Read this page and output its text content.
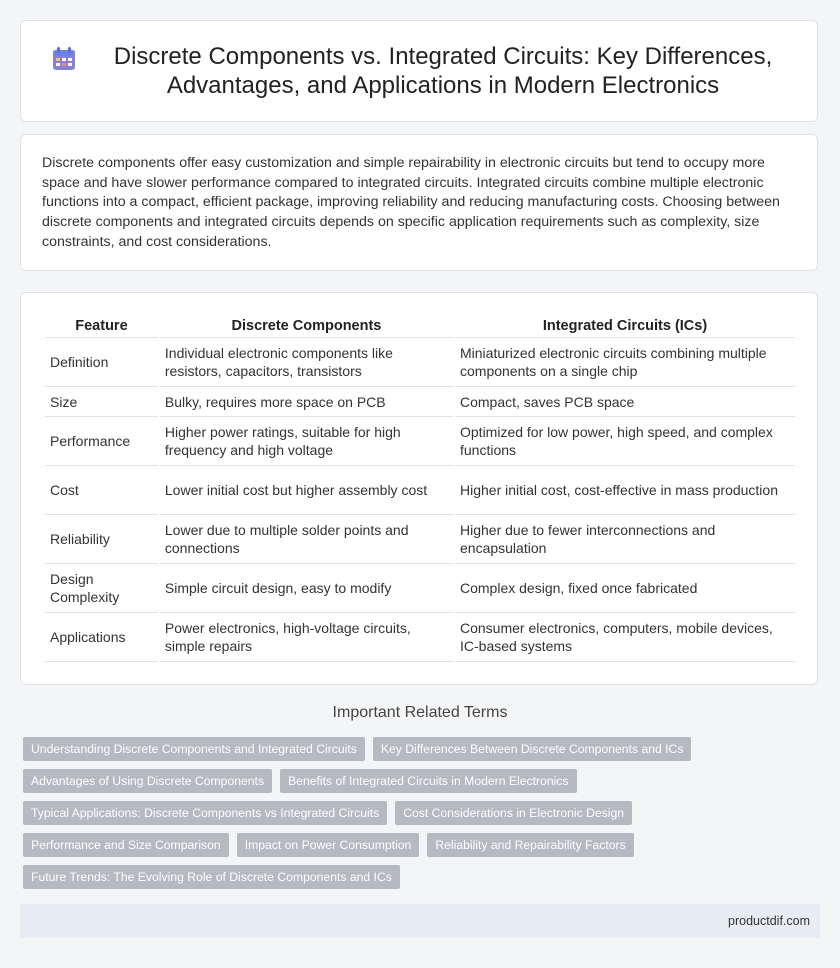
Discrete Components vs. Integrated Circuits: Key Differences, Advantages, and Applications in Modern Electronics

Discrete components offer easy customization and simple repairability in electronic circuits but tend to occupy more space and have slower performance compared to integrated circuits. Integrated circuits combine multiple electronic functions into a compact, efficient package, improving reliability and reducing manufacturing costs. Choosing between discrete components and integrated circuits depends on specific application requirements such as complexity, size constraints, and cost considerations.

Feature	Discrete Components	Integrated Circuits (ICs)
Definition	Individual electronic components like resistors, capacitors, transistors	Miniaturized electronic circuits combining multiple components on a single chip
Size	Bulky, requires more space on PCB	Compact, saves PCB space
Performance	Higher power ratings, suitable for high frequency and high voltage	Optimized for low power, high speed, and complex functions
Cost	Lower initial cost but higher assembly cost	Higher initial cost, cost-effective in mass production
Reliability	Lower due to multiple solder points and connections	Higher due to fewer interconnections and encapsulation
Design Complexity	Simple circuit design, easy to modify	Complex design, fixed once fabricated
Applications	Power electronics, high-voltage circuits, simple repairs	Consumer electronics, computers, mobile devices, IC-based systems
Important Related Terms
Understanding Discrete Components and Integrated Circuits	Key Differences Between Discrete Components and ICs
Advantages of Using Discrete Components	Benefits of Integrated Circuits in Modern Electronics
Typical Applications: Discrete Components vs Integrated Circuits	Cost Considerations in Electronic Design
Performance and Size Comparison	Impact on Power Consumption	Reliability and Repairability Factors
Future Trends: The Evolving Role of Discrete Components and ICs
productdif.com
